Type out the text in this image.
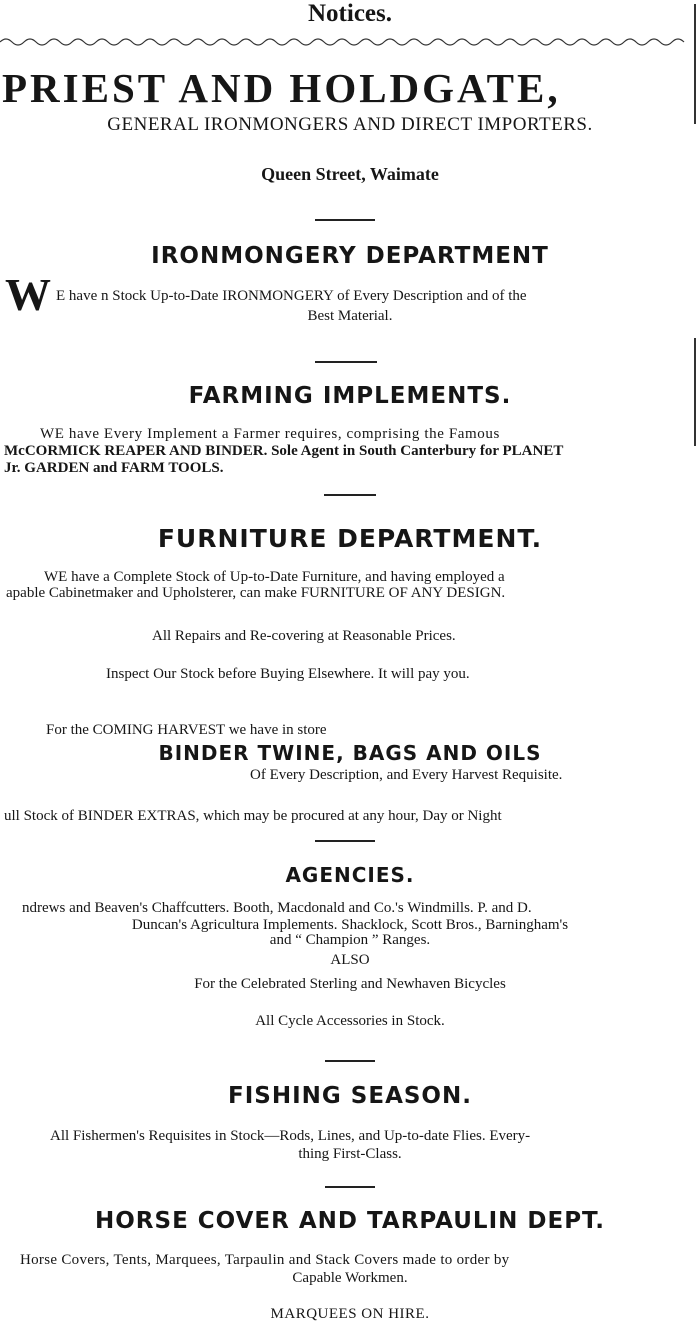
Notices.
PRIEST AND HOLDGATE,
GENERAL IRONMONGERS AND DIRECT IMPORTERS.
Queen Street, Waimate
IRONMONGERY DEPARTMENT
W E have n Stock Up-to-Date IRONMONGERY of Every Description and of the
Best Material.
FARMING IMPLEMENTS.
WE have Every Implement a Farmer requires, comprising the Famous
McCORMICK REAPER AND BINDER. Sole Agent in South Canterbury for PLANET
Jr. GARDEN and FARM TOOLS.
FURNITURE DEPARTMENT.
WE have a Complete Stock of Up-to-Date Furniture, and having employed a
apable Cabinetmaker and Upholsterer, can make FURNITURE OF ANY DESIGN.
All Repairs and Re-covering at Reasonable Prices.
Inspect Our Stock before Buying Elsewhere. It will pay you.
For the COMING HARVEST we have in store
BINDER TWINE, BAGS AND OILS
Of Every Description, and Every Harvest Requisite.
ull Stock of BINDER EXTRAS, which may be procured at any hour, Day or Night
AGENCIES.
ndrews and Beaven's Chaffcutters. Booth, Macdonald and Co.'s Windmills. P. and D.
Duncan's Agricultura Implements. Shacklock, Scott Bros., Barningham's
and “ Champion ” Ranges.
ALSO
For the Celebrated Sterling and Newhaven Bicycles
All Cycle Accessories in Stock.
FISHING SEASON.
All Fishermen's Requisites in Stock—Rods, Lines, and Up-to-date Flies. Every-
thing First-Class.
HORSE COVER AND TARPAULIN DEPT.
Horse Covers, Tents, Marquees, Tarpaulin and Stack Covers made to order by
Capable Workmen.
MARQUEES ON HIRE.
